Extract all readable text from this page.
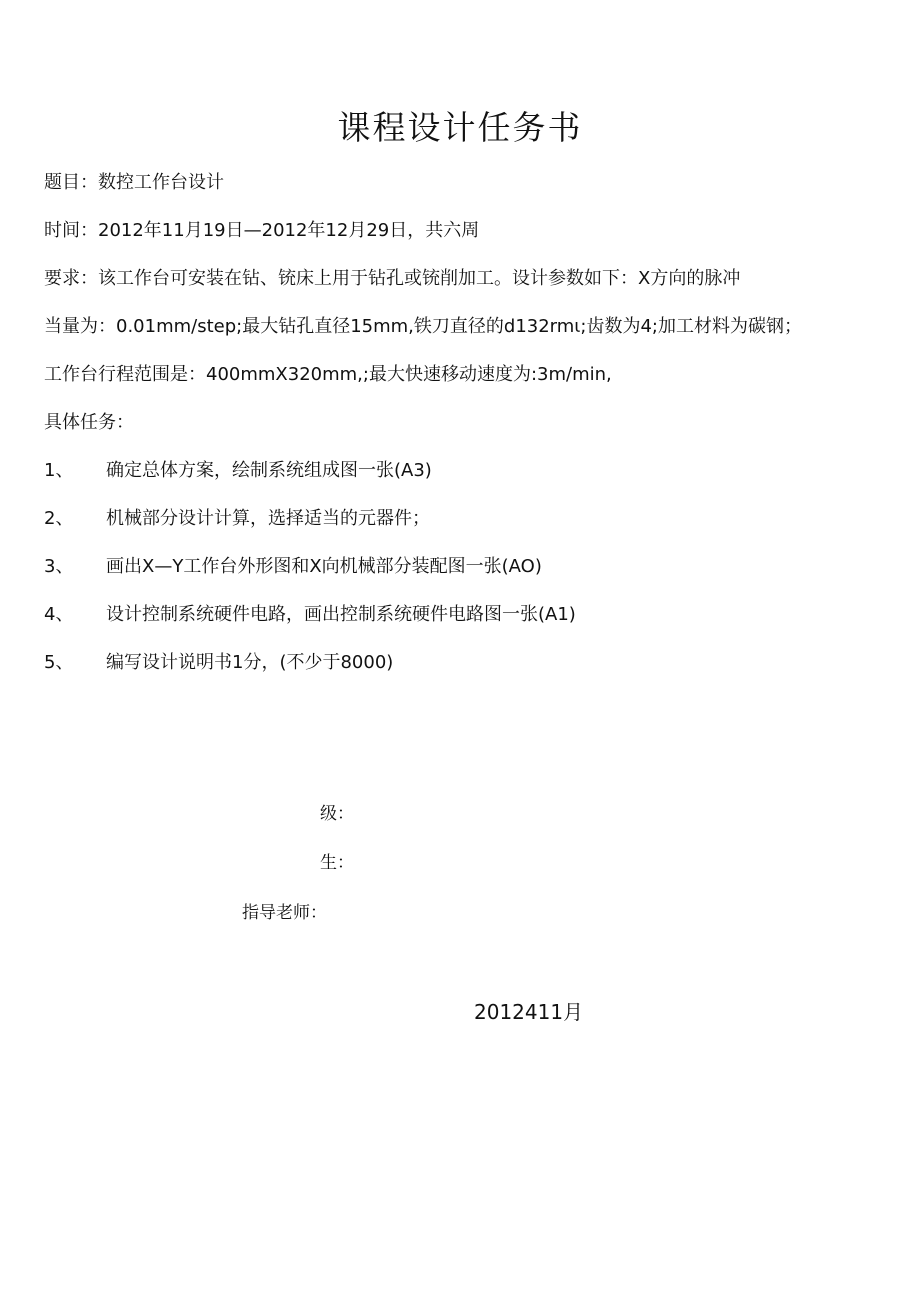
课程设计任务书
题目：数控工作台设计
时间：2012年11月19日—2012年12月29日，共六周
要求：该工作台可安装在钻、铳床上用于钻孔或铳削加工。设计参数如下：X方向的脉冲
当量为：0.01mm/step;最大钻孔直径15mm,铁刀直径的d132rmι;齿数为4;加工材料为碳钢；
工作台行程范围是：400mmX320mm,;最大快速移动速度为:3m∕min,
具体任务：
1、 确定总体方案，绘制系统组成图一张(A3)
2、 机械部分设计计算，选择适当的元器件；
3、 画出X—Y工作台外形图和X向机械部分装配图一张(AO)
4、 设计控制系统硬件电路，画出控制系统硬件电路图一张(A1)
5、 编写设计说明书1分，(不少于8000)
级：
生：
指导老师：
2012411月
